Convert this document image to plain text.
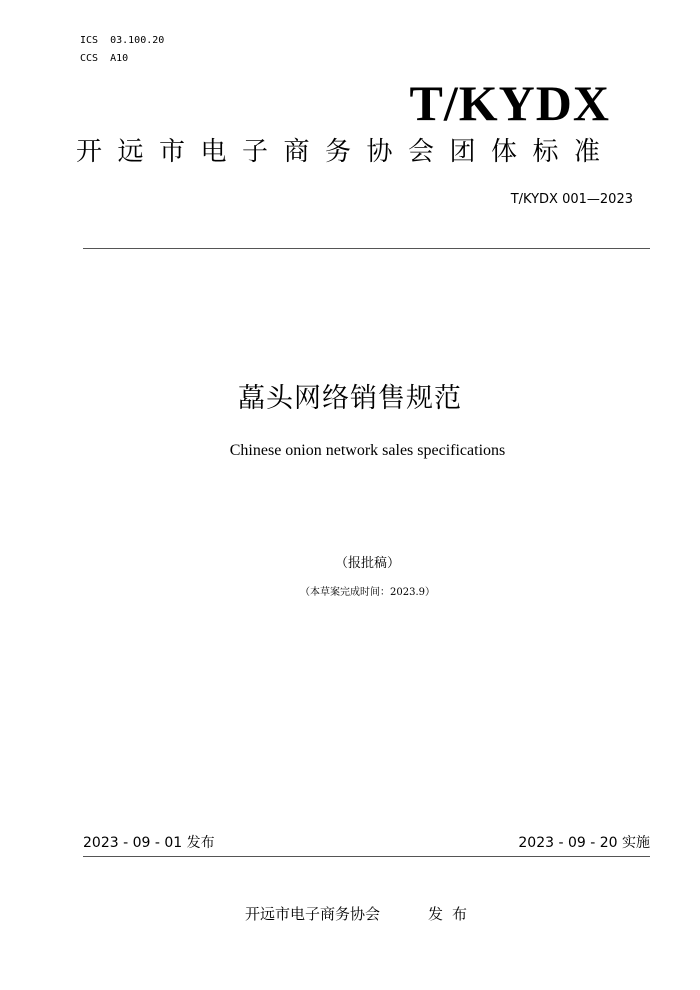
ICS  03.100.20
CCS  A10
T/KYDX
开远市电子商务协会团体标准
T/KYDX 001—2023
藠头网络销售规范
Chinese onion network sales specifications
（报批稿）
（本草案完成时间：2023.9）
2023 - 09 - 01 发布	2023 - 09 - 20 实施
开远市电子商务协会	发布
